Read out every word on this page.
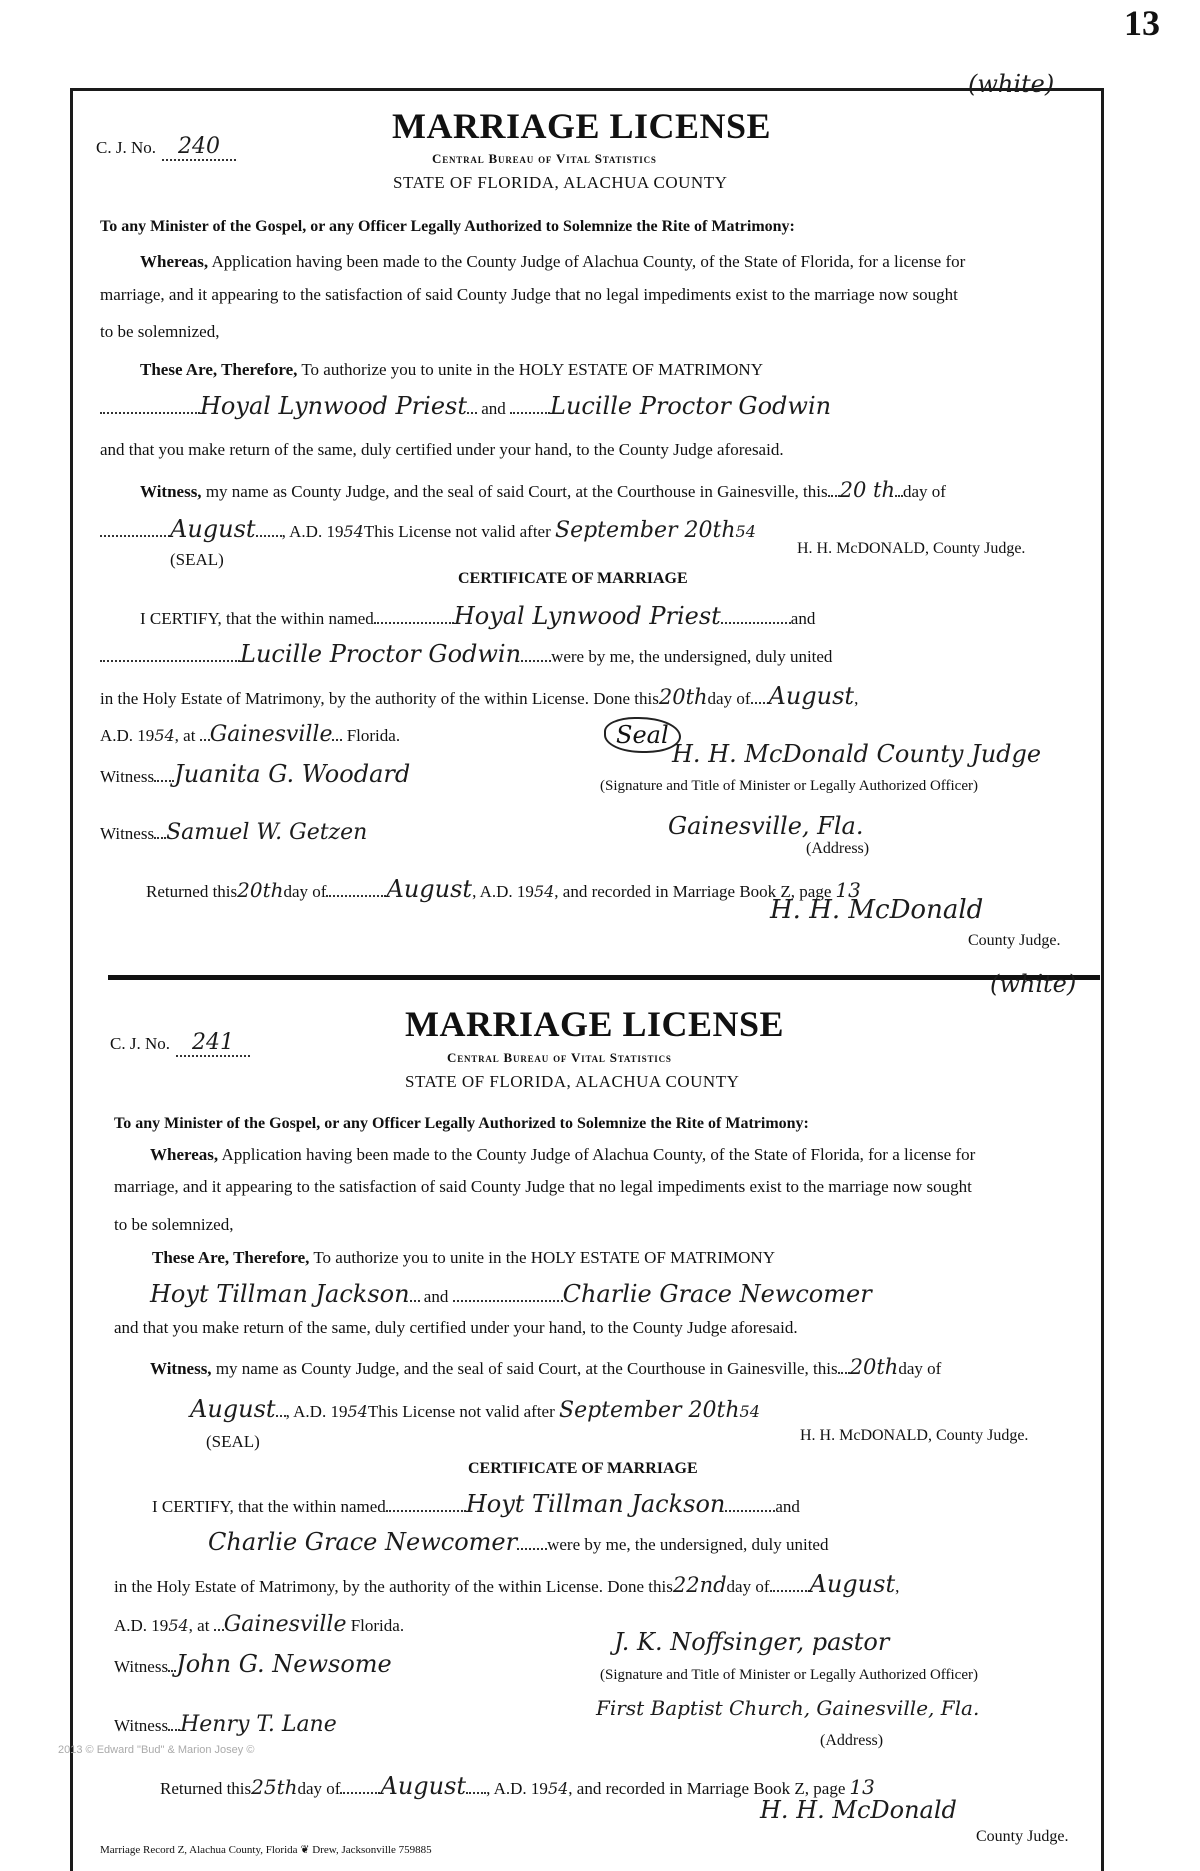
13
(white)
C. J. No. 240
MARRIAGE LICENSE
Central Bureau of Vital Statistics
STATE OF FLORIDA, ALACHUA COUNTY
To any Minister of the Gospel, or any Officer Legally Authorized to Solemnize the Rite of Matrimony:
Whereas, Application having been made to the County Judge of Alachua County, of the State of Florida, for a license for
marriage, and it appearing to the satisfaction of said County Judge that no legal impediments exist to the marriage now sought
to be solemnized,
These Are, Therefore, To authorize you to unite in the HOLY ESTATE OF MATRIMONY
Hoyal Lynwood Priest and Lucille Proctor Godwin
and that you make return of the same, duly certified under your hand, to the County Judge aforesaid.
Witness, my name as County Judge, and the seal of said Court, at the Courthouse in Gainesville, this 20 th day of
August , A.D. 1954This License not valid after September 20th54
(SEAL)
H. H. McDONALD, County Judge.
CERTIFICATE OF MARRIAGE
I CERTIFY, that the within named	Hoyal Lynwood Priest	and
Lucille Proctor Godwin were by me, the undersigned, duly united
in the Holy Estate of Matrimony, by the authority of the within License. Done this20thday of August,
A.D. 1954, at Gainesville Florida.	Seal
Witness Juanita G. Woodard
H. H. McDonald County Judge
(Signature and Title of Minister or Legally Authorized Officer)
Witness Samuel W. Getzen	Gainesville, Fla.
(Address)
Returned this20thday of	August, A.D. 1954, and recorded in Marriage Book Z, page 13
H. H. McDonald
County Judge.
(white)
C. J. No. 241	MARRIAGE LICENSE
Central Bureau of Vital Statistics
STATE OF FLORIDA, ALACHUA COUNTY
To any Minister of the Gospel, or any Officer Legally Authorized to Solemnize the Rite of Matrimony:
Whereas, Application having been made to the County Judge of Alachua County, of the State of Florida, for a license for
marriage, and it appearing to the satisfaction of said County Judge that no legal impediments exist to the marriage now sought
to be solemnized,
These Are, Therefore, To authorize you to unite in the HOLY ESTATE OF MATRIMONY
Hoyt Tillman Jackson and	Charlie Grace Newcomer
and that you make return of the same, duly certified under your hand, to the County Judge aforesaid.
Witness, my name as County Judge, and the seal of said Court, at the Courthouse in Gainesville, this 20thday of
August , A.D. 1954This License not valid after September 20th54
(SEAL)	H. H. McDONALD, County Judge.
CERTIFICATE OF MARRIAGE
I CERTIFY, that the within named	Hoyt Tillman Jackson	and
Charlie Grace Newcomer were by me, the undersigned, duly united
in the Holy Estate of Matrimony, by the authority of the within License. Done this22ndday of August,
A.D. 1954, at Gainesville Florida.
Witness John G. Newsome
J. K. Noffsinger, pastor
(Signature and Title of Minister or Legally Authorized Officer)
Witness Henry T. Lane
First Baptist Church, Gainesville, Fla.
(Address)
Returned this25thday of August , A.D. 1954, and recorded in Marriage Book Z, page 13
H. H. McDonald
County Judge.
2013 © Edward "Bud" & Marion Josey ©
Marriage Record Z, Alachua County, Florida ❦ Drew, Jacksonville 759885
